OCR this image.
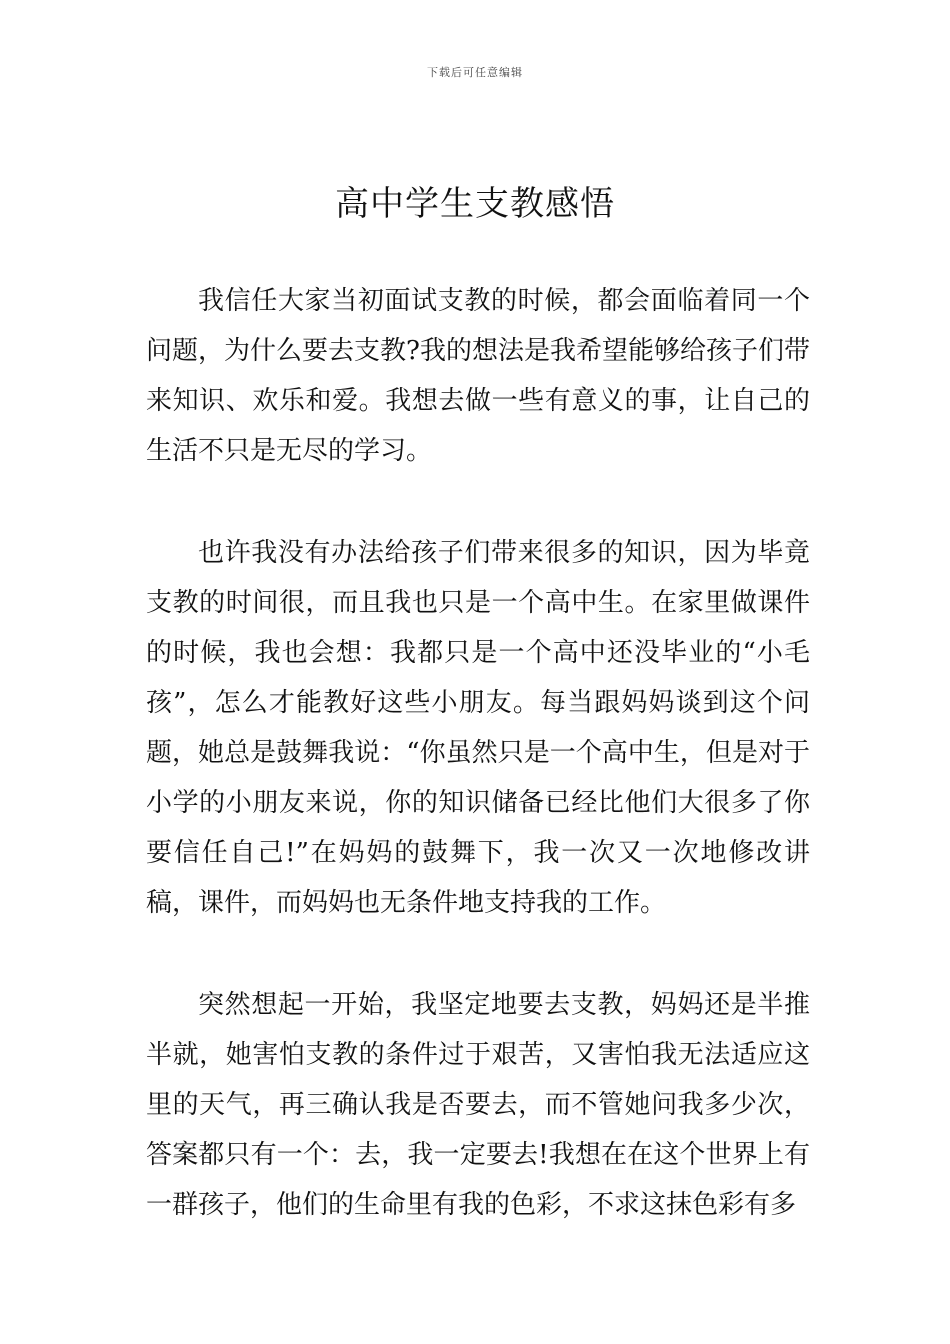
下载后可任意编辑
高中学生支教感悟

我信任大家当初面试支教的时候，都会面临着同一个问题，为什么要去支教?我的想法是我希望能够给孩子们带来知识、欢乐和爱。我想去做一些有意义的事，让自己的生活不只是无尽的学习。

也许我没有办法给孩子们带来很多的知识，因为毕竟支教的时间很，而且我也只是一个高中生。在家里做课件的时候，我也会想：我都只是一个高中还没毕业的“小毛孩”，怎么才能教好这些小朋友。每当跟妈妈谈到这个问题，她总是鼓舞我说：“你虽然只是一个高中生，但是对于小学的小朋友来说，你的知识储备已经比他们大很多了你要信任自己!”在妈妈的鼓舞下，我一次又一次地修改讲稿，课件，而妈妈也无条件地支持我的工作。

突然想起一开始，我坚定地要去支教，妈妈还是半推半就，她害怕支教的条件过于艰苦，又害怕我无法适应这里的天气，再三确认我是否要去，而不管她问我多少次，答案都只有一个：去，我一定要去!我想在在这个世界上有一群孩子，他们的生命里有我的色彩，不求这抹色彩有多
